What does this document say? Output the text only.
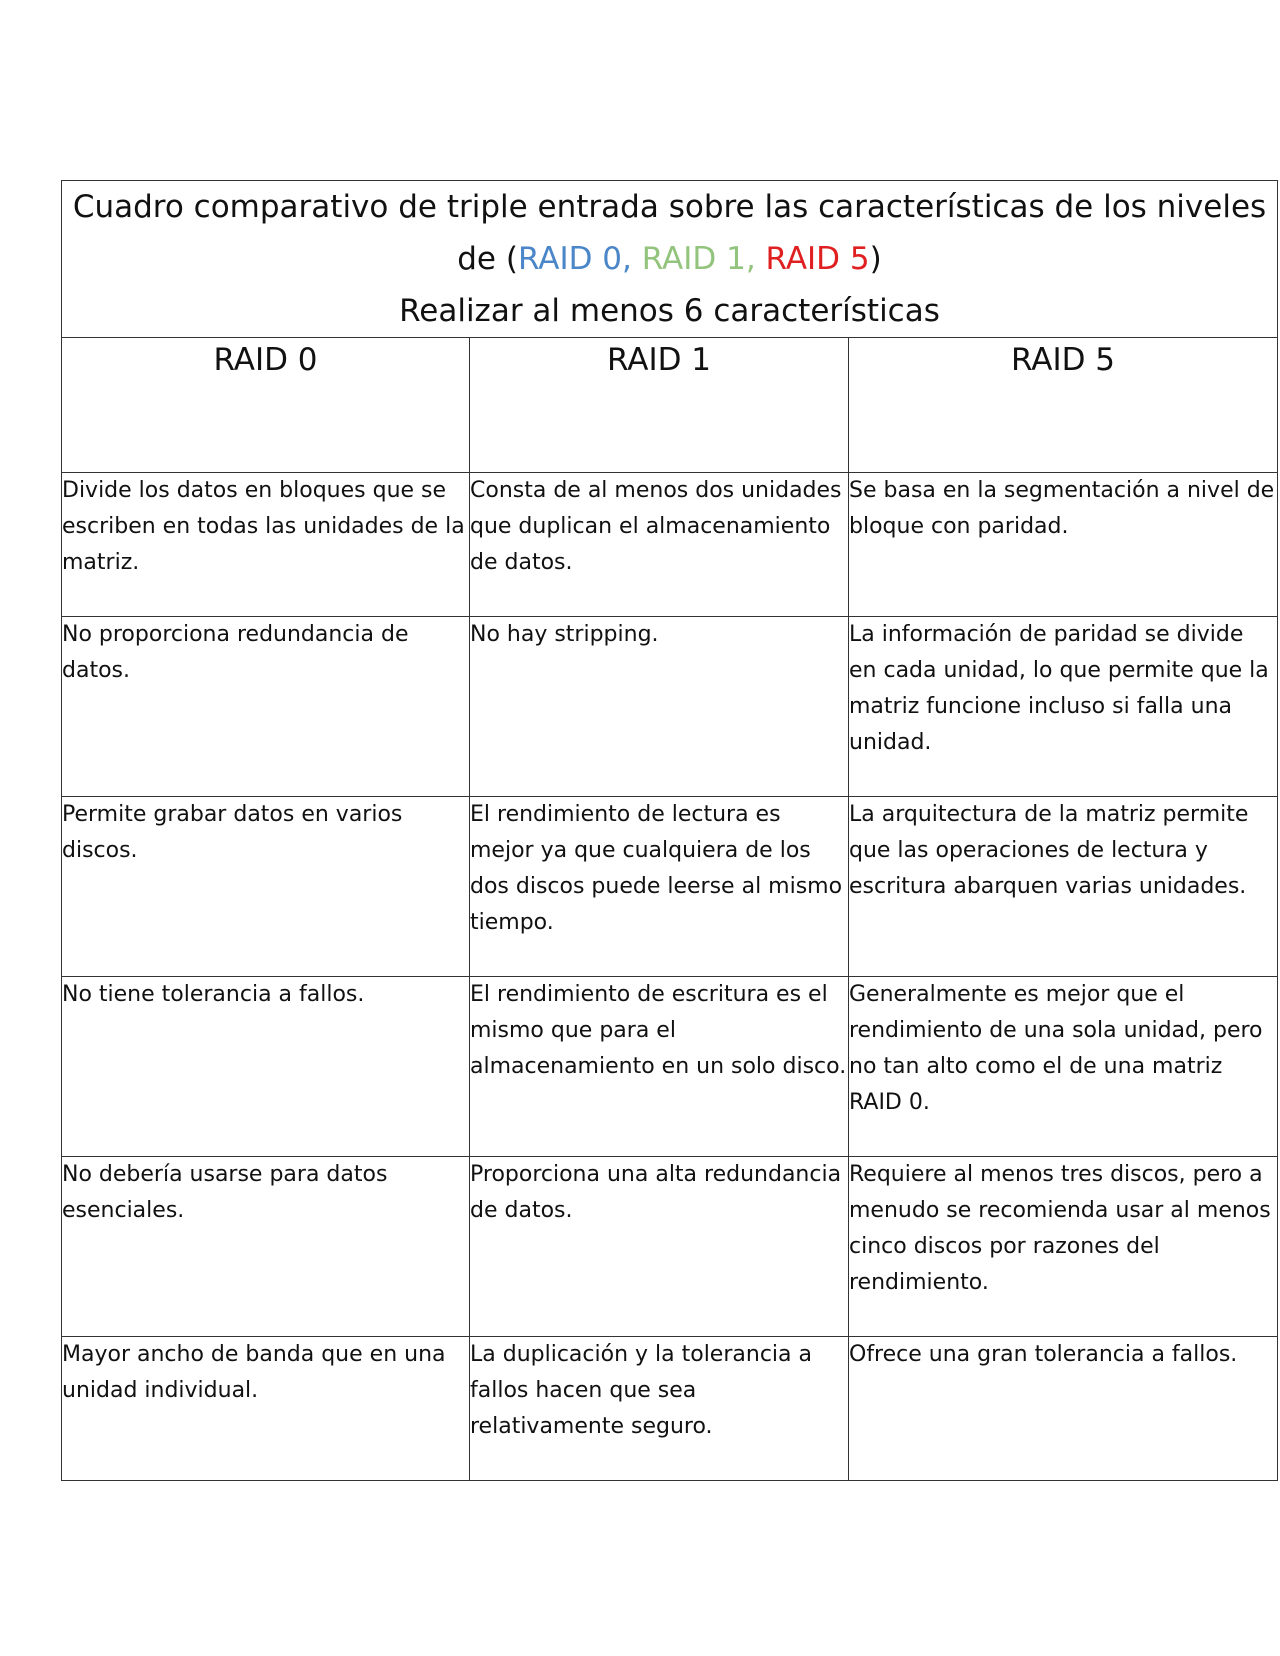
Cuadro comparativo de triple entrada sobre las características de los niveles
de (RAID 0, RAID 1, RAID 5)
Realizar al menos 6 características		

RAID 0	RAID 1	RAID 5
Divide los datos en bloques que se escriben en todas las unidades de la matriz.	Consta de al menos dos unidades que duplican el almacenamiento de datos.	Se basa en la segmentación a nivel de bloque con paridad.
No proporciona redundancia de datos.	No hay stripping.	La información de paridad se divide en cada unidad, lo que permite que la matriz funcione incluso si falla una unidad.
Permite grabar datos en varios discos.	El rendimiento de lectura es mejor ya que cualquiera de los dos discos puede leerse al mismo tiempo.	La arquitectura de la matriz permite que las operaciones de lectura y escritura abarquen varias unidades.
No tiene tolerancia a fallos.	El rendimiento de escritura es el mismo que para el almacenamiento en un solo disco.	Generalmente es mejor que el rendimiento de una sola unidad, pero no tan alto como el de una matriz RAID 0.
No debería usarse para datos esenciales.	Proporciona una alta redundancia de datos.	Requiere al menos tres discos, pero a menudo se recomienda usar al menos cinco discos por razones del rendimiento.
Mayor ancho de banda que en una unidad individual.	La duplicación y la tolerancia a fallos hacen que sea relativamente seguro.	Ofrece una gran tolerancia a fallos.
